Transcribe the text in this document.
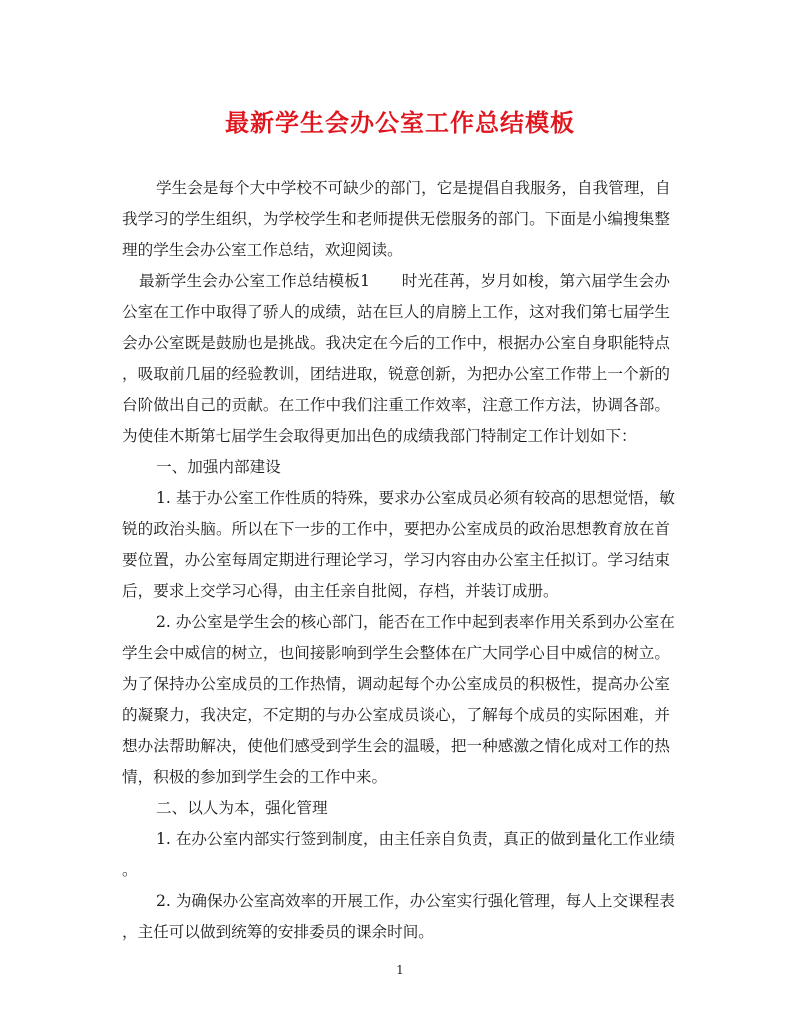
最新学生会办公室工作总结模板
学生会是每个大中学校不可缺少的部门，它是提倡自我服务，自我管理，自
我学习的学生组织，为学校学生和老师提供无偿服务的部门。下面是小编搜集整
理的学生会办公室工作总结，欢迎阅读。
最新学生会办公室工作总结模板1　　时光荏苒，岁月如梭，第六届学生会办
公室在工作中取得了骄人的成绩，站在巨人的肩膀上工作，这对我们第七届学生
会办公室既是鼓励也是挑战。我决定在今后的工作中，根据办公室自身职能特点
，吸取前几届的经验教训，团结进取，锐意创新，为把办公室工作带上一个新的
台阶做出自己的贡献。在工作中我们注重工作效率，注意工作方法，协调各部。
为使佳木斯第七届学生会取得更加出色的成绩我部门特制定工作计划如下：
一、加强内部建设
1. 基于办公室工作性质的特殊，要求办公室成员必须有较高的思想觉悟，敏
锐的政治头脑。所以在下一步的工作中，要把办公室成员的政治思想教育放在首
要位置，办公室每周定期进行理论学习，学习内容由办公室主任拟订。学习结束
后，要求上交学习心得，由主任亲自批阅，存档，并装订成册。
2. 办公室是学生会的核心部门，能否在工作中起到表率作用关系到办公室在
学生会中威信的树立，也间接影响到学生会整体在广大同学心目中威信的树立。
为了保持办公室成员的工作热情，调动起每个办公室成员的积极性，提高办公室
的凝聚力，我决定，不定期的与办公室成员谈心，了解每个成员的实际困难，并
想办法帮助解决，使他们感受到学生会的温暖，把一种感激之情化成对工作的热
情，积极的参加到学生会的工作中来。
二、以人为本，强化管理
1. 在办公室内部实行签到制度，由主任亲自负责，真正的做到量化工作业绩
。
2. 为确保办公室高效率的开展工作，办公室实行强化管理，每人上交课程表
，主任可以做到统筹的安排委员的课余时间。
1
